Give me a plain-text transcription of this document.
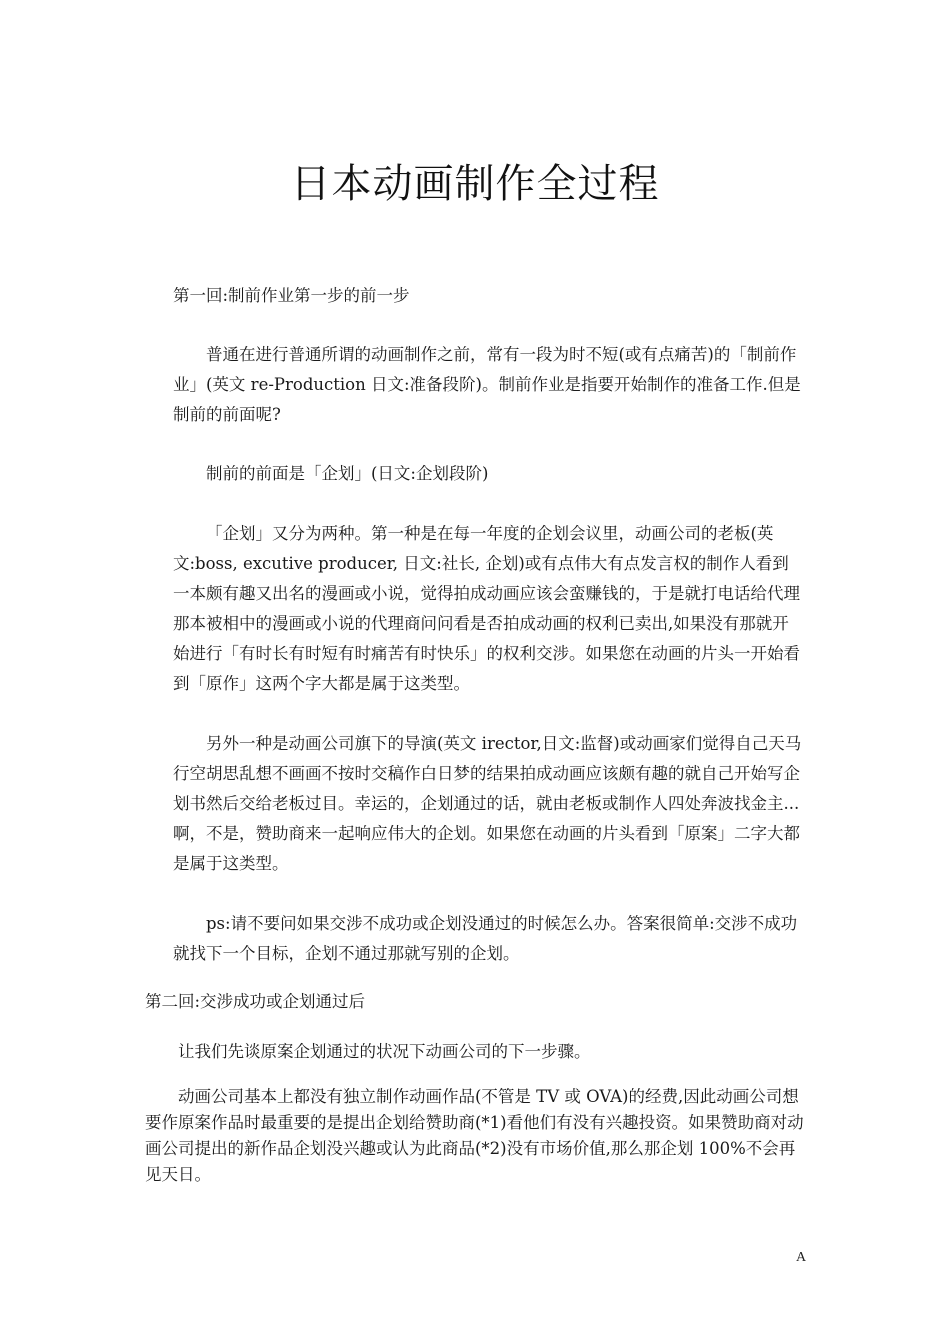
日本动画制作全过程
第一回:制前作业第一步的前一步
普通在进行普通所谓的动画制作之前，常有一段为时不短(或有点痛苦)的「制前作业」(英文 re-Production 日文:准备段阶)。制前作业是指要开始制作的准备工作.但是制前的前面呢?
制前的前面是「企划」(日文:企划段阶)
「企划」又分为两种。第一种是在每一年度的企划会议里，动画公司的老板(英文:boss, excutive producer, 日文:社长, 企划)或有点伟大有点发言权的制作人看到一本颇有趣又出名的漫画或小说，觉得拍成动画应该会蛮赚钱的，于是就打电话给代理那本被相中的漫画或小说的代理商问问看是否拍成动画的权利已卖出,如果没有那就开始进行「有时长有时短有时痛苦有时快乐」的权利交涉。如果您在动画的片头一开始看到「原作」这两个字大都是属于这类型。
另外一种是动画公司旗下的导演(英文 irector,日文:监督)或动画家们觉得自己天马行空胡思乱想不画画不按时交稿作白日梦的结果拍成动画应该颇有趣的就自己开始写企划书然后交给老板过目。幸运的，企划通过的话，就由老板或制作人四处奔波找金主...啊，不是，赞助商来一起响应伟大的企划。如果您在动画的片头看到「原案」二字大都是属于这类型。
ps:请不要问如果交涉不成功或企划没通过的时候怎么办。答案很简单:交涉不成功就找下一个目标，企划不通过那就写别的企划。
第二回:交涉成功或企划通过后
让我们先谈原案企划通过的状况下动画公司的下一步骤。
动画公司基本上都没有独立制作动画作品(不管是 TV 或 OVA)的经费,因此动画公司想要作原案作品时最重要的是提出企划给赞助商(*1)看他们有没有兴趣投资。如果赞助商对动画公司提出的新作品企划没兴趣或认为此商品(*2)没有市场价值,那么那企划 100%不会再见天日。
A
